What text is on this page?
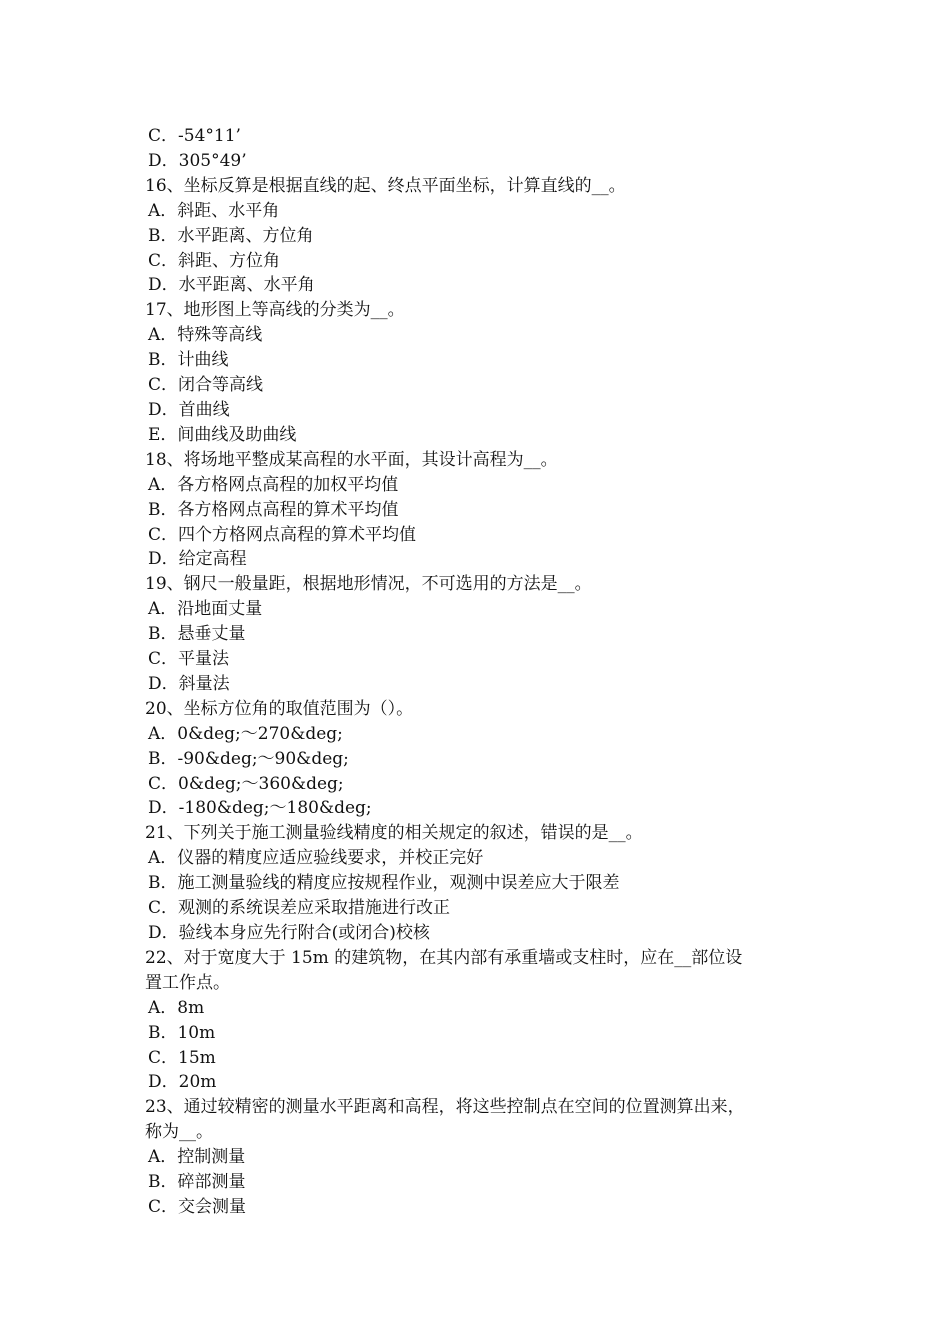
C．-54°11’
D．305°49’
16、坐标反算是根据直线的起、终点平面坐标，计算直线的__。
A．斜距、水平角
B．水平距离、方位角
C．斜距、方位角
D．水平距离、水平角
17、地形图上等高线的分类为__。
A．特殊等高线
B．计曲线
C．闭合等高线
D．首曲线
E．间曲线及助曲线
18、将场地平整成某高程的水平面，其设计高程为__。
A．各方格网点高程的加权平均值
B．各方格网点高程的算术平均值
C．四个方格网点高程的算术平均值
D．给定高程
19、钢尺一般量距，根据地形情况，不可选用的方法是__。
A．沿地面丈量
B．悬垂丈量
C．平量法
D．斜量法
20、坐标方位角的取值范围为（）。
A．0&deg;～270&deg;
B．-90&deg;～90&deg;
C．0&deg;～360&deg;
D．-180&deg;～180&deg;
21、下列关于施工测量验线精度的相关规定的叙述，错误的是__。
A．仪器的精度应适应验线要求，并校正完好
B．施工测量验线的精度应按规程作业，观测中误差应大于限差
C．观测的系统误差应采取措施进行改正
D．验线本身应先行附合(或闭合)校核
22、对于宽度大于 15m 的建筑物，在其内部有承重墙或支柱时，应在__部位设
置工作点。
A．8m
B．10m
C．15m
D．20m
23、通过较精密的测量水平距离和高程，将这些控制点在空间的位置测算出来，
称为__。
A．控制测量
B．碎部测量
C．交会测量
